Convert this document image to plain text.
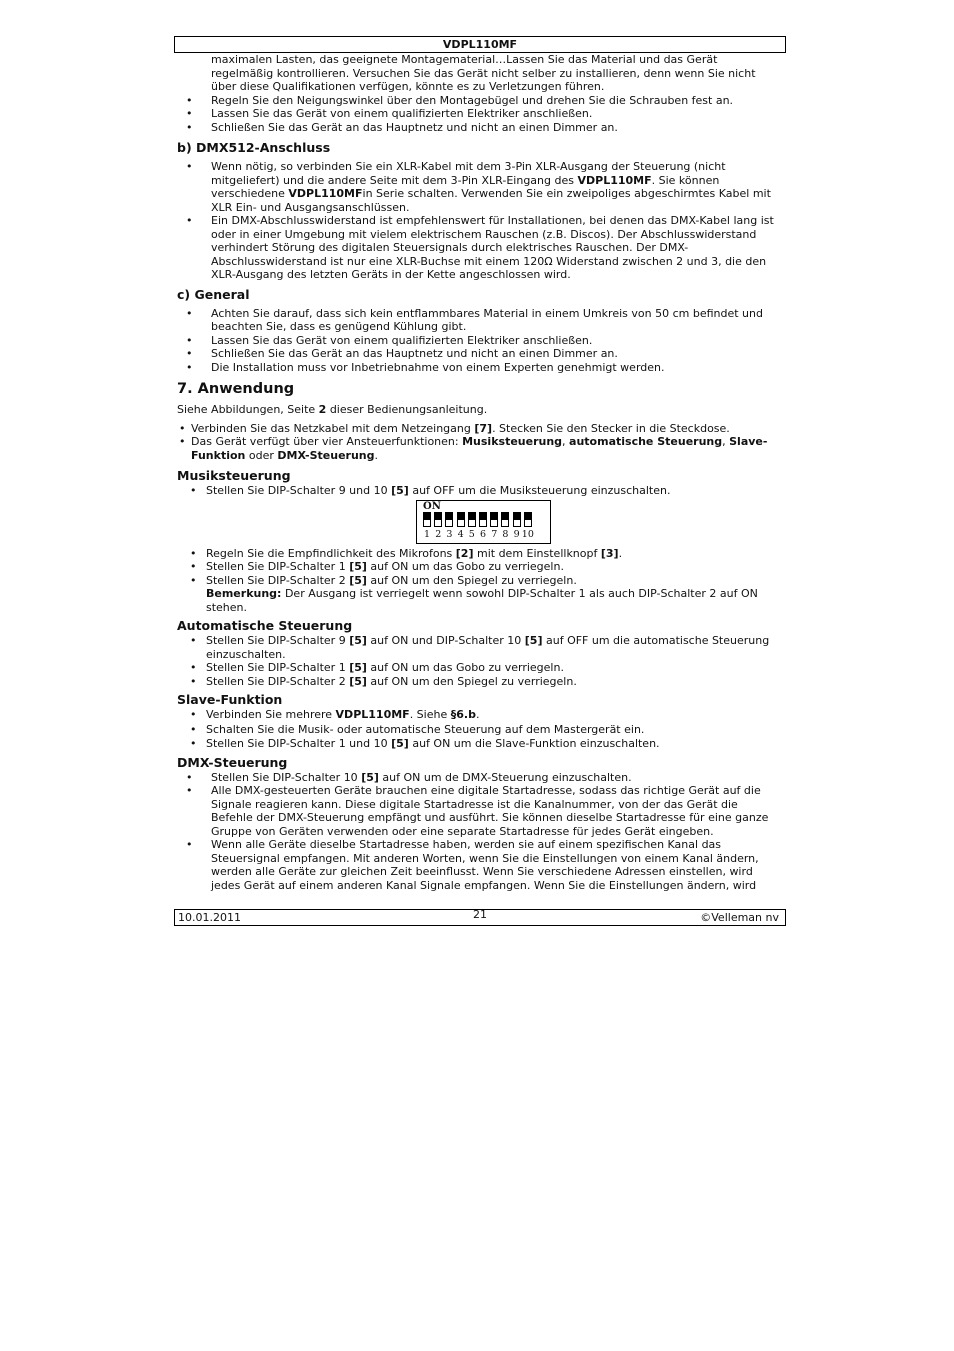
VDPL110MF

maximalen Lasten, das geeignete Montagematerial…Lassen Sie das Material und das Gerät regelmäßig kontrollieren. Versuchen Sie das Gerät nicht selber zu installieren, denn wenn Sie nicht über diese Qualifikationen verfügen, könnte es zu Verletzungen führen.

• Regeln Sie den Neigungswinkel über den Montagebügel und drehen Sie die Schrauben fest an.
• Lassen Sie das Gerät von einem qualifizierten Elektriker anschließen.
• Schließen Sie das Gerät an das Hauptnetz und nicht an einen Dimmer an.
b) DMX512-Anschluss
• Wenn nötig, so verbinden Sie ein XLR-Kabel mit dem 3-Pin XLR-Ausgang der Steuerung (nicht mitgeliefert) und die andere Seite mit dem 3-Pin XLR-Eingang des VDPL110MF. Sie können verschiedene VDPL110MFin Serie schalten. Verwenden Sie ein zweipoliges abgeschirmtes Kabel mit XLR Ein- und Ausgangsanschlüssen.
• Ein DMX-Abschlusswiderstand ist empfehlenswert für Installationen, bei denen das DMX-Kabel lang ist oder in einer Umgebung mit vielem elektrischem Rauschen (z.B. Discos). Der Abschlusswiderstand verhindert Störung des digitalen Steuersignals durch elektrisches Rauschen. Der DMX-Abschlusswiderstand ist nur eine XLR-Buchse mit einem 120Ω Widerstand zwischen 2 und 3, die den XLR-Ausgang des letzten Geräts in der Kette angeschlossen wird.
c) General
• Achten Sie darauf, dass sich kein entflammbares Material in einem Umkreis von 50 cm befindet und beachten Sie, dass es genügend Kühlung gibt.
• Lassen Sie das Gerät von einem qualifizierten Elektriker anschließen.
• Schließen Sie das Gerät an das Hauptnetz und nicht an einen Dimmer an.
• Die Installation muss vor Inbetriebnahme von einem Experten genehmigt werden.
7. Anwendung

Siehe Abbildungen, Seite 2 dieser Bedienungsanleitung.

• Verbinden Sie das Netzkabel mit dem Netzeingang [7]. Stecken Sie den Stecker in die Steckdose.
• Das Gerät verfügt über vier Ansteuerfunktionen: Musiksteuerung, automatische Steuerung, Slave-Funktion oder DMX-Steuerung.
Musiksteuerung
• Stellen Sie DIP-Schalter 9 und 10 [5] auf OFF um die Musiksteuerung einzuschalten.
ON
1 2 3 4 5 6 7 8 9 10
• Regeln Sie die Empfindlichkeit des Mikrofons [2] mit dem Einstellknopf [3].
• Stellen Sie DIP-Schalter 1 [5] auf ON um das Gobo zu verriegeln.
• Stellen Sie DIP-Schalter 2 [5] auf ON um den Spiegel zu verriegeln.
Bemerkung: Der Ausgang ist verriegelt wenn sowohl DIP-Schalter 1 als auch DIP-Schalter 2 auf ON stehen.
Automatische Steuerung
• Stellen Sie DIP-Schalter 9 [5] auf ON und DIP-Schalter 10 [5] auf OFF um die automatische Steuerung einzuschalten.
• Stellen Sie DIP-Schalter 1 [5] auf ON um das Gobo zu verriegeln.
• Stellen Sie DIP-Schalter 2 [5] auf ON um den Spiegel zu verriegeln.
Slave-Funktion
• Verbinden Sie mehrere VDPL110MF. Siehe §6.b.
• Schalten Sie die Musik- oder automatische Steuerung auf dem Mastergerät ein.
• Stellen Sie DIP-Schalter 1 und 10 [5] auf ON um die Slave-Funktion einzuschalten.
DMX-Steuerung
• Stellen Sie DIP-Schalter 10 [5] auf ON um de DMX-Steuerung einzuschalten.
• Alle DMX-gesteuerten Geräte brauchen eine digitale Startadresse, sodass das richtige Gerät auf die Signale reagieren kann. Diese digitale Startadresse ist die Kanalnummer, von der das Gerät die Befehle der DMX-Steuerung empfängt und ausführt. Sie können dieselbe Startadresse für eine ganze Gruppe von Geräten verwenden oder eine separate Startadresse für jedes Gerät eingeben.
• Wenn alle Geräte dieselbe Startadresse haben, werden sie auf einem spezifischen Kanal das Steuersignal empfangen. Mit anderen Worten, wenn Sie die Einstellungen von einem Kanal ändern, werden alle Geräte zur gleichen Zeit beeinflusst. Wenn Sie verschiedene Adressen einstellen, wird jedes Gerät auf einem anderen Kanal Signale empfangen. Wenn Sie die Einstellungen ändern, wird
10.01.2011	21	©Velleman nv
